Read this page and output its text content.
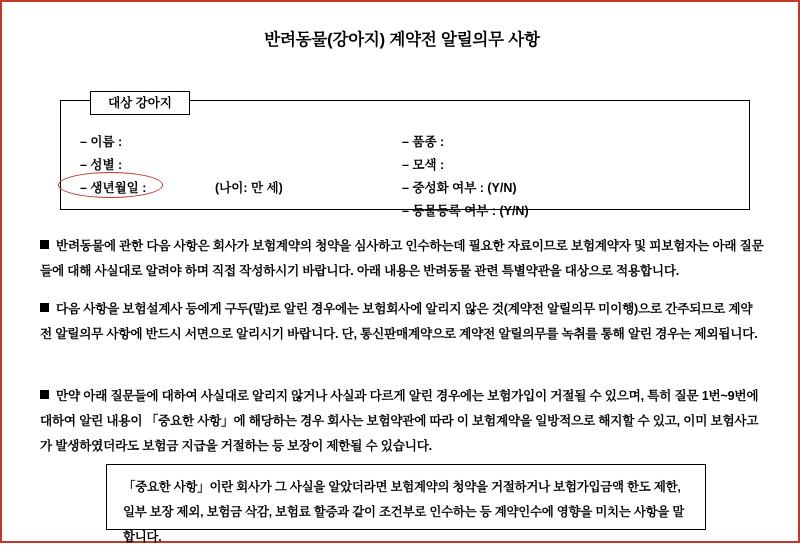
반려동물(강아지) 계약전 알릴의무 사항
대상 강아지
– 이름 :
– 성별 :
– 생년월일 :	(나이: 만 세)
– 품종 :
– 모색 :
– 중성화 여부 : (Y/N)
– 동물등록 여부 : (Y/N)
반려동물에 관한 다음 사항은 회사가 보험계약의 청약을 심사하고 인수하는데 필요한 자료이므로 보험계약자 및 피보험자는 아래 질문들에 대해 사실대로 알려야 하며 직접 작성하시기 바랍니다. 아래 내용은 반려동물 관련 특별약관을 대상으로 적용합니다.
다음 사항을 보험설계사 등에게 구두(말)로 알린 경우에는 보험회사에 알리지 않은 것(계약전 알릴의무 미이행)으로 간주되므로 계약전 알릴의무 사항에 반드시 서면으로 알리시기 바랍니다. 단, 통신판매계약으로 계약전 알릴의무를 녹취를 통해 알린 경우는 제외됩니다.
만약 아래 질문들에 대하여 사실대로 알리지 않거나 사실과 다르게 알린 경우에는 보험가입이 거절될 수 있으며, 특히 질문 1번~9번에 대하여 알린 내용이 「중요한 사항」에 해당하는 경우 회사는 보험약관에 따라 이 보험계약을 일방적으로 해지할 수 있고, 이미 보험사고가 발생하였더라도 보험금 지급을 거절하는 등 보장이 제한될 수 있습니다.
「중요한 사항」이란 회사가 그 사실을 알았더라면 보험계약의 청약을 거절하거나 보험가입금액 한도 제한, 일부 보장 제외, 보험금 삭감, 보험료 할증과 같이 조건부로 인수하는 등 계약인수에 영향을 미치는 사항을 말합니다.
